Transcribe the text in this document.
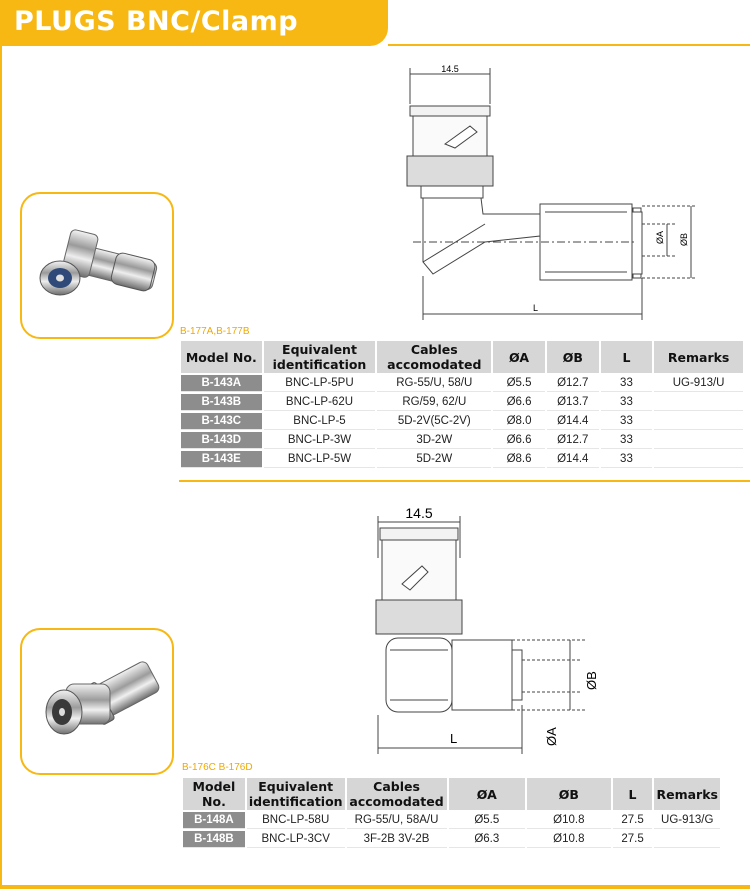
PLUGS BNC/Clamp
14.5
ØA ØB
L
B-177A,B-177B
Model No.	Equivalent identification	Cables accomodated	ØA	ØB	L	Remarks
B-143A	BNC-LP-5PU	RG-55/U, 58/U	Ø5.5	Ø12.7	33	UG-913/U
B-143B	BNC-LP-62U	RG/59, 62/U	Ø6.6	Ø13.7	33	
B-143C	BNC-LP-5	5D-2V(5C-2V)	Ø8.0	Ø14.4	33	
B-143D	BNC-LP-3W	3D-2W	Ø6.6	Ø12.7	33	
B-143E	BNC-LP-5W	5D-2W	Ø8.6	Ø14.4	33	
14.5
ØB
ØA
L
B-176C B-176D
Model No.	Equivalent identification	Cables accomodated	ØA	ØB	L	Remarks
B-148A	BNC-LP-58U	RG-55/U, 58A/U	Ø5.5	Ø10.8	27.5	UG-913/G
B-148B	BNC-LP-3CV	3F-2B 3V-2B	Ø6.3	Ø10.8	27.5	
